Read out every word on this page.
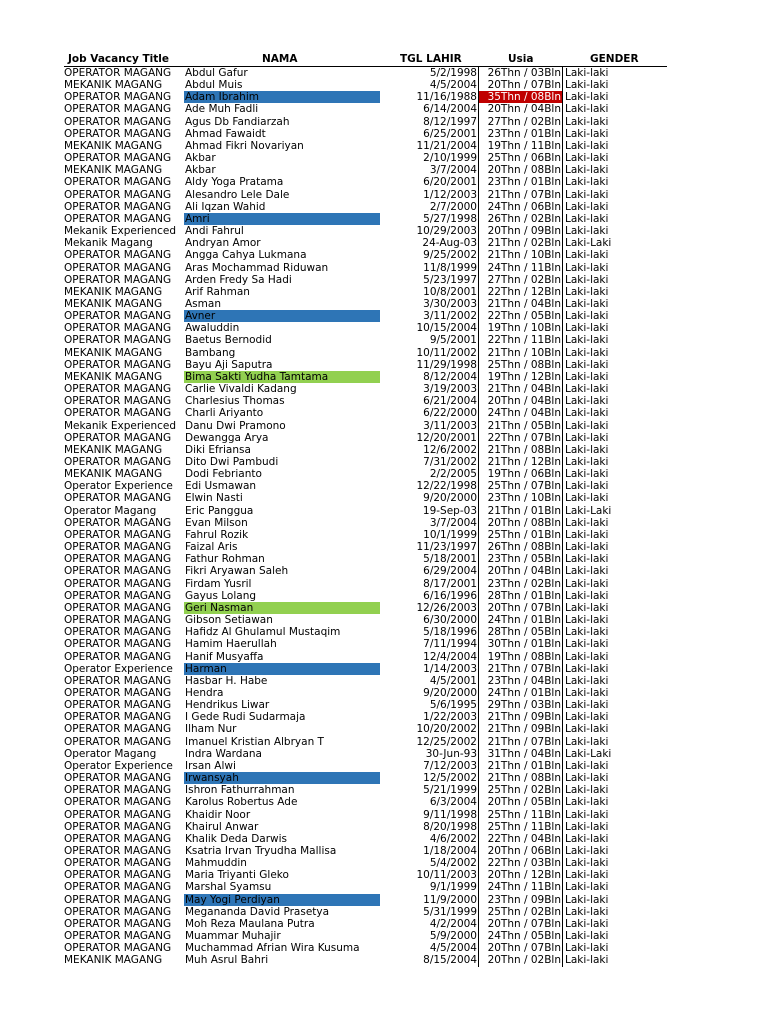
Job Vacancy Title	NAMA	TGL LAHIR	Usia	GENDER
OPERATOR MAGANG	Abdul Gafur	5/2/1998	26Thn / 03Bln Laki-laki
MEKANIK MAGANG	Abdul Muis	4/5/2004	20Thn / 07Bln Laki-laki
OPERATOR MAGANG	Adam Ibrahim	11/16/1988	35Thn / 08Bln Laki-laki
OPERATOR MAGANG	Ade Muh Fadli	6/14/2004	20Thn / 04Bln Laki-laki
OPERATOR MAGANG	Agus Db Fandiarzah	8/12/1997	27Thn / 02Bln Laki-laki
OPERATOR MAGANG	Ahmad Fawaidt	6/25/2001	23Thn / 01Bln Laki-laki
MEKANIK MAGANG	Ahmad Fikri Novariyan	11/21/2004	19Thn / 11Bln Laki-laki
OPERATOR MAGANG	Akbar	2/10/1999	25Thn / 06Bln Laki-laki
MEKANIK MAGANG	Akbar	3/7/2004	20Thn / 08Bln Laki-laki
OPERATOR MAGANG	Aldy Yoga Pratama	6/20/2001	23Thn / 01Bln Laki-laki
OPERATOR MAGANG	Alesandro Lele Dale	1/12/2003	21Thn / 07Bln Laki-laki
OPERATOR MAGANG	Ali Iqzan Wahid	2/7/2000	24Thn / 06Bln Laki-laki
OPERATOR MAGANG	Amri	5/27/1998	26Thn / 02Bln Laki-laki
Mekanik Experienced Andi Fahrul	10/29/2003	20Thn / 09Bln Laki-laki
Mekanik Magang	Andryan Amor	24-Aug-03	21Thn / 02Bln Laki-Laki
OPERATOR MAGANG	Angga Cahya Lukmana	9/25/2002	21Thn / 10Bln Laki-laki
OPERATOR MAGANG	Aras Mochammad Riduwan	11/8/1999	24Thn / 11Bln Laki-laki
OPERATOR MAGANG	Arden Fredy Sa Hadi	5/23/1997	27Thn / 02Bln Laki-laki
MEKANIK MAGANG	Arif Rahman	10/8/2001	22Thn / 12Bln Laki-laki
MEKANIK MAGANG	Asman	3/30/2003	21Thn / 04Bln Laki-laki
OPERATOR MAGANG	Avner	3/11/2002	22Thn / 05Bln Laki-laki
OPERATOR MAGANG	Awaluddin	10/15/2004	19Thn / 10Bln Laki-laki
OPERATOR MAGANG	Baetus Bernodid	9/5/2001	22Thn / 11Bln Laki-laki
MEKANIK MAGANG	Bambang	10/11/2002	21Thn / 10Bln Laki-laki
OPERATOR MAGANG	Bayu Aji Saputra	11/29/1998	25Thn / 08Bln Laki-laki
MEKANIK MAGANG	Bima Sakti Yudha Tamtama	8/12/2004	19Thn / 12Bln Laki-laki
OPERATOR MAGANG	Carlie Vivaldi Kadang	3/19/2003	21Thn / 04Bln Laki-laki
OPERATOR MAGANG	Charlesius Thomas	6/21/2004	20Thn / 04Bln Laki-laki
OPERATOR MAGANG	Charli Ariyanto	6/22/2000	24Thn / 04Bln Laki-laki
Mekanik Experienced Danu Dwi Pramono	3/11/2003	21Thn / 05Bln Laki-laki
OPERATOR MAGANG	Dewangga Arya	12/20/2001	22Thn / 07Bln Laki-laki
MEKANIK MAGANG	Diki Efriansa	12/6/2002	21Thn / 08Bln Laki-laki
OPERATOR MAGANG	Dito Dwi Pambudi	7/31/2002	21Thn / 12Bln Laki-laki
MEKANIK MAGANG	Dodi Febrianto	2/2/2005	19Thn / 06Bln Laki-laki
Operator Experience	Edi Usmawan	12/22/1998	25Thn / 07Bln Laki-laki
OPERATOR MAGANG	Elwin Nasti	9/20/2000	23Thn / 10Bln Laki-laki
Operator Magang	Eric Panggua	19-Sep-03	21Thn / 01Bln Laki-Laki
OPERATOR MAGANG	Evan Milson	3/7/2004	20Thn / 08Bln Laki-laki
OPERATOR MAGANG	Fahrul Rozik	10/1/1999	25Thn / 01Bln Laki-laki
OPERATOR MAGANG	Faizal Aris	11/23/1997	26Thn / 08Bln Laki-laki
OPERATOR MAGANG	Fathur Rohman	5/18/2001	23Thn / 05Bln Laki-laki
OPERATOR MAGANG	Fikri Aryawan Saleh	6/29/2004	20Thn / 04Bln Laki-laki
OPERATOR MAGANG	Firdam Yusril	8/17/2001	23Thn / 02Bln Laki-laki
OPERATOR MAGANG	Gayus Lolang	6/16/1996	28Thn / 01Bln Laki-laki
OPERATOR MAGANG	Geri Nasman	12/26/2003	20Thn / 07Bln Laki-laki
OPERATOR MAGANG	Gibson Setiawan	6/30/2000	24Thn / 01Bln Laki-laki
OPERATOR MAGANG	Hafidz Al Ghulamul Mustaqim	5/18/1996	28Thn / 05Bln Laki-laki
OPERATOR MAGANG	Hamim Haerullah	7/11/1994	30Thn / 01Bln Laki-laki
OPERATOR MAGANG	Hanif Musyaffa	12/4/2004	19Thn / 08Bln Laki-laki
Operator Experience	Harman	1/14/2003	21Thn / 07Bln Laki-laki
OPERATOR MAGANG	Hasbar H. Habe	4/5/2001	23Thn / 04Bln Laki-laki
OPERATOR MAGANG	Hendra	9/20/2000	24Thn / 01Bln Laki-laki
OPERATOR MAGANG	Hendrikus Liwar	5/6/1995	29Thn / 03Bln Laki-laki
OPERATOR MAGANG	I Gede Rudi Sudarmaja	1/22/2003	21Thn / 09Bln Laki-laki
OPERATOR MAGANG	Ilham Nur	10/20/2002	21Thn / 09Bln Laki-laki
OPERATOR MAGANG	Imanuel Kristian Albryan T	12/25/2002	21Thn / 07Bln Laki-laki
Operator Magang	Indra Wardana	30-Jun-93	31Thn / 04Bln Laki-Laki
Operator Experience	Irsan Alwi	7/12/2003	21Thn / 01Bln Laki-laki
OPERATOR MAGANG	Irwansyah	12/5/2002	21Thn / 08Bln Laki-laki
OPERATOR MAGANG	Ishron Fathurrahman	5/21/1999	25Thn / 02Bln Laki-laki
OPERATOR MAGANG	Karolus Robertus Ade	6/3/2004	20Thn / 05Bln Laki-laki
OPERATOR MAGANG	Khaidir Noor	9/11/1998	25Thn / 11Bln Laki-laki
OPERATOR MAGANG	Khairul Anwar	8/20/1998	25Thn / 11Bln Laki-laki
OPERATOR MAGANG	Khalik Deda Darwis	4/6/2002	22Thn / 04Bln Laki-laki
OPERATOR MAGANG	Ksatria Irvan Tryudha Mallisa	1/18/2004	20Thn / 06Bln Laki-laki
OPERATOR MAGANG	Mahmuddin	5/4/2002	22Thn / 03Bln Laki-laki
OPERATOR MAGANG	Maria Triyanti Gleko	10/11/2003	20Thn / 12Bln Laki-laki
OPERATOR MAGANG	Marshal Syamsu	9/1/1999	24Thn / 11Bln Laki-laki
OPERATOR MAGANG	May Yogi Perdiyan	11/9/2000	23Thn / 09Bln Laki-laki
OPERATOR MAGANG	Megananda David Prasetya	5/31/1999	25Thn / 02Bln Laki-laki
OPERATOR MAGANG	Moh Reza Maulana Putra	4/2/2004	20Thn / 07Bln Laki-laki
OPERATOR MAGANG	Muammar Muhajir	5/9/2000	24Thn / 05Bln Laki-laki
OPERATOR MAGANG	Muchammad Afrian Wira Kusuma	4/5/2004	20Thn / 07Bln Laki-laki
MEKANIK MAGANG	Muh Asrul Bahri	8/15/2004	20Thn / 02Bln Laki-laki
